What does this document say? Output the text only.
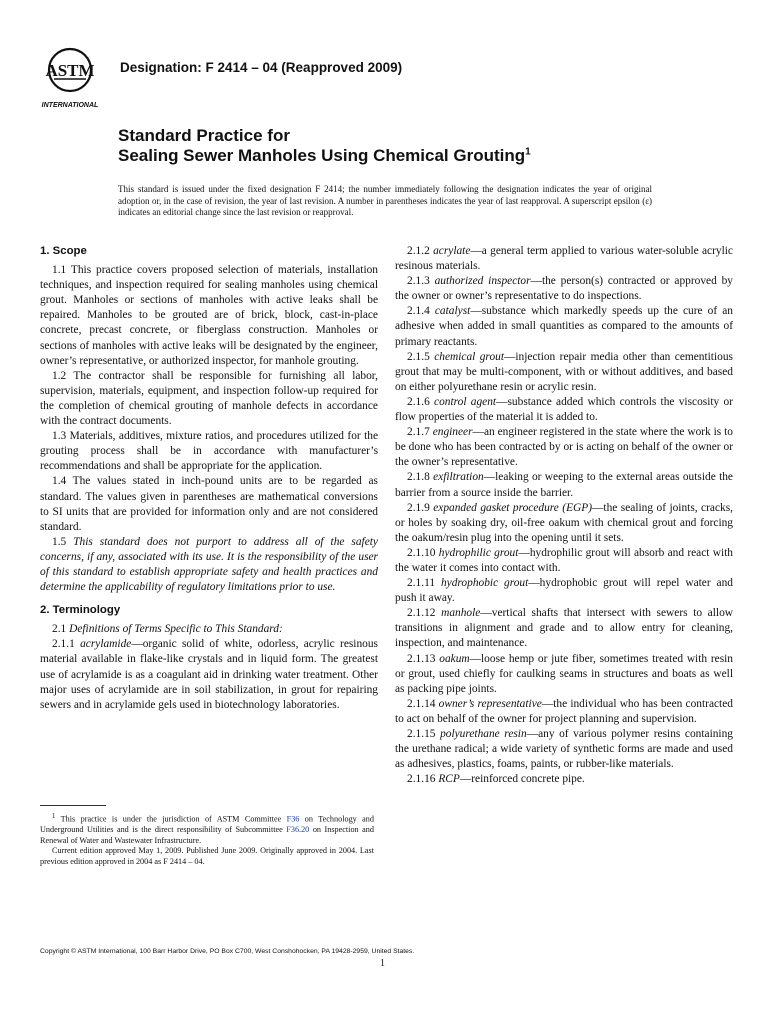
ASTM
INTERNATIONAL
Designation: F 2414 – 04 (Reapproved 2009)
Standard Practice for
Sealing Sewer Manholes Using Chemical Grouting$^1$
This standard is issued under the fixed designation F 2414; the number immediately following the designation indicates the year of original adoption or, in the case of revision, the year of last revision. A number in parentheses indicates the year of last reapproval. A superscript epsilon (ε) indicates an editorial change since the last revision or reapproval.
1. Scope

1.1 This practice covers proposed selection of materials, installation techniques, and inspection required for sealing manholes using chemical grout. Manholes or sections of manholes with active leaks shall be repaired. Manholes to be grouted are of brick, block, cast-in-place concrete, precast concrete, or fiberglass construction. Manholes or sections of manholes with active leaks will be designated by the engineer, owner’s representative, or authorized inspector, for manhole grouting.

1.2 The contractor shall be responsible for furnishing all labor, supervision, materials, equipment, and inspection follow-up required for the completion of chemical grouting of manhole defects in accordance with the contract documents.

1.3 Materials, additives, mixture ratios, and procedures utilized for the grouting process shall be in accordance with manufacturer’s recommendations and shall be appropriate for the application.

1.4 The values stated in inch-pound units are to be regarded as standard. The values given in parentheses are mathematical conversions to SI units that are provided for information only and are not considered standard.

1.5 This standard does not purport to address all of the safety concerns, if any, associated with its use. It is the responsibility of the user of this standard to establish appropriate safety and health practices and determine the applicability of regulatory limitations prior to use.

2. Terminology

2.1 Definitions of Terms Specific to This Standard:

2.1.1 acrylamide—organic solid of white, odorless, acrylic resinous material available in flake-like crystals and in liquid form. The greatest use of acrylamide is as a coagulant aid in drinking water treatment. Other major uses of acrylamide are in soil stabilization, in grout for repairing sewers and in acrylamide gels used in biotechnology laboratories.

2.1.2 acrylate—a general term applied to various water-soluble acrylic resinous materials.

2.1.3 authorized inspector—the person(s) contracted or approved by the owner or owner’s representative to do inspections.

2.1.4 catalyst—substance which markedly speeds up the cure of an adhesive when added in small quantities as compared to the amounts of primary reactants.

2.1.5 chemical grout—injection repair media other than cementitious grout that may be multi-component, with or without additives, and based on either polyurethane resin or acrylic resin.

2.1.6 control agent—substance added which controls the viscosity or flow properties of the material it is added to.

2.1.7 engineer—an engineer registered in the state where the work is to be done who has been contracted by or is acting on behalf of the owner or the owner’s representative.

2.1.8 exfiltration—leaking or weeping to the external areas outside the barrier from a source inside the barrier.

2.1.9 expanded gasket procedure (EGP)—the sealing of joints, cracks, or holes by soaking dry, oil-free oakum with chemical grout and forcing the oakum/resin plug into the opening until it sets.

2.1.10 hydrophilic grout—hydrophilic grout will absorb and react with the water it comes into contact with.

2.1.11 hydrophobic grout—hydrophobic grout will repel water and push it away.

2.1.12 manhole—vertical shafts that intersect with sewers to allow transitions in alignment and grade and to allow entry for cleaning, inspection, and maintenance.

2.1.13 oakum—loose hemp or jute fiber, sometimes treated with resin or grout, used chiefly for caulking seams in structures and boats as well as packing pipe joints.

2.1.14 owner’s representative—the individual who has been contracted to act on behalf of the owner for project planning and supervision.

2.1.15 polyurethane resin—any of various polymer resins containing the urethane radical; a wide variety of synthetic forms are made and used as adhesives, plastics, foams, paints, or rubber-like materials.

2.1.16 RCP—reinforced concrete pipe.

$^1$ This practice is under the jurisdiction of ASTM Committee F36 on Technology and Underground Utilities and is the direct responsibility of Subcommittee F36.20 on Inspection and Renewal of Water and Wastewater Infrastructure.

Current edition approved May 1, 2009. Published June 2009. Originally approved in 2004. Last previous edition approved in 2004 as F 2414 – 04.

Copyright © ASTM International, 100 Barr Harbor Drive, PO Box C700, West Conshohocken, PA 19428-2959, United States.
1
